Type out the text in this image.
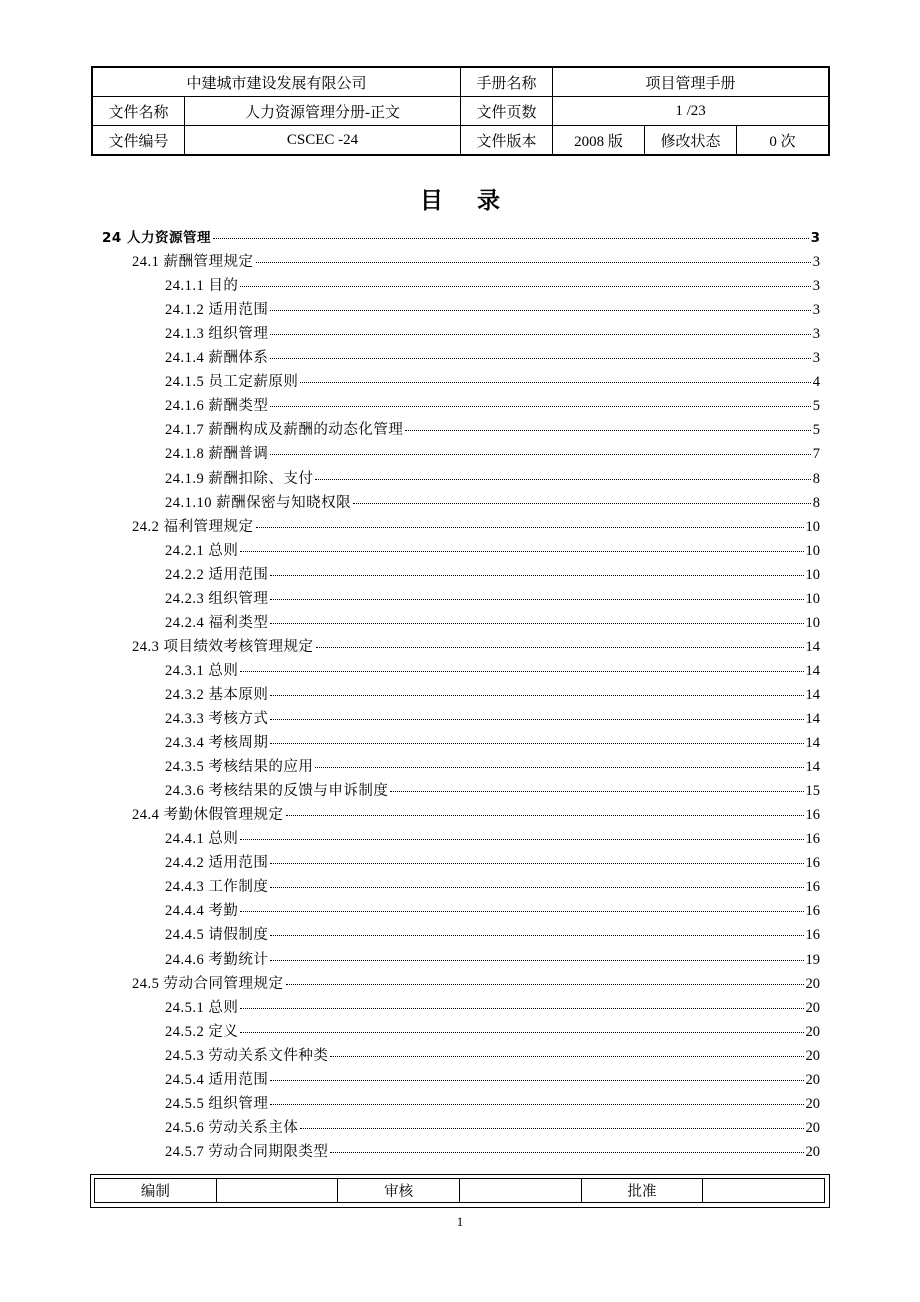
中建城市建设发展有限公司		手册名称	项目管理手册		
文件名称	人力资源管理分册-正文	文件页数	1 /23		
文件编号	CSCEC -24	文件版本	2008 版	修改状态	0 次
目录
24 人力资源管理	3
24.1 薪酬管理规定	3
24.1.1 目的	3
24.1.2 适用范围	3
24.1.3 组织管理	3
24.1.4 薪酬体系	3
24.1.5 员工定薪原则	4
24.1.6 薪酬类型	5
24.1.7 薪酬构成及薪酬的动态化管理	5
24.1.8 薪酬普调	7
24.1.9 薪酬扣除、支付	8
24.1.10 薪酬保密与知晓权限	8
24.2 福利管理规定	10
24.2.1 总则	10
24.2.2 适用范围	10
24.2.3 组织管理	10
24.2.4 福利类型	10
24.3 项目绩效考核管理规定	14
24.3.1 总则	14
24.3.2 基本原则	14
24.3.3 考核方式	14
24.3.4 考核周期	14
24.3.5 考核结果的应用	14
24.3.6 考核结果的反馈与申诉制度	15
24.4 考勤休假管理规定	16
24.4.1 总则	16
24.4.2 适用范围	16
24.4.3 工作制度	16
24.4.4 考勤	16
24.4.5 请假制度	16
24.4.6 考勤统计	19
24.5 劳动合同管理规定	20
24.5.1 总则	20
24.5.2 定义	20
24.5.3 劳动关系文件种类	20
24.5.4 适用范围	20
24.5.5 组织管理	20
24.5.6 劳动关系主体	20
24.5.7 劳动合同期限类型	20
编制		审核		批准	
1
